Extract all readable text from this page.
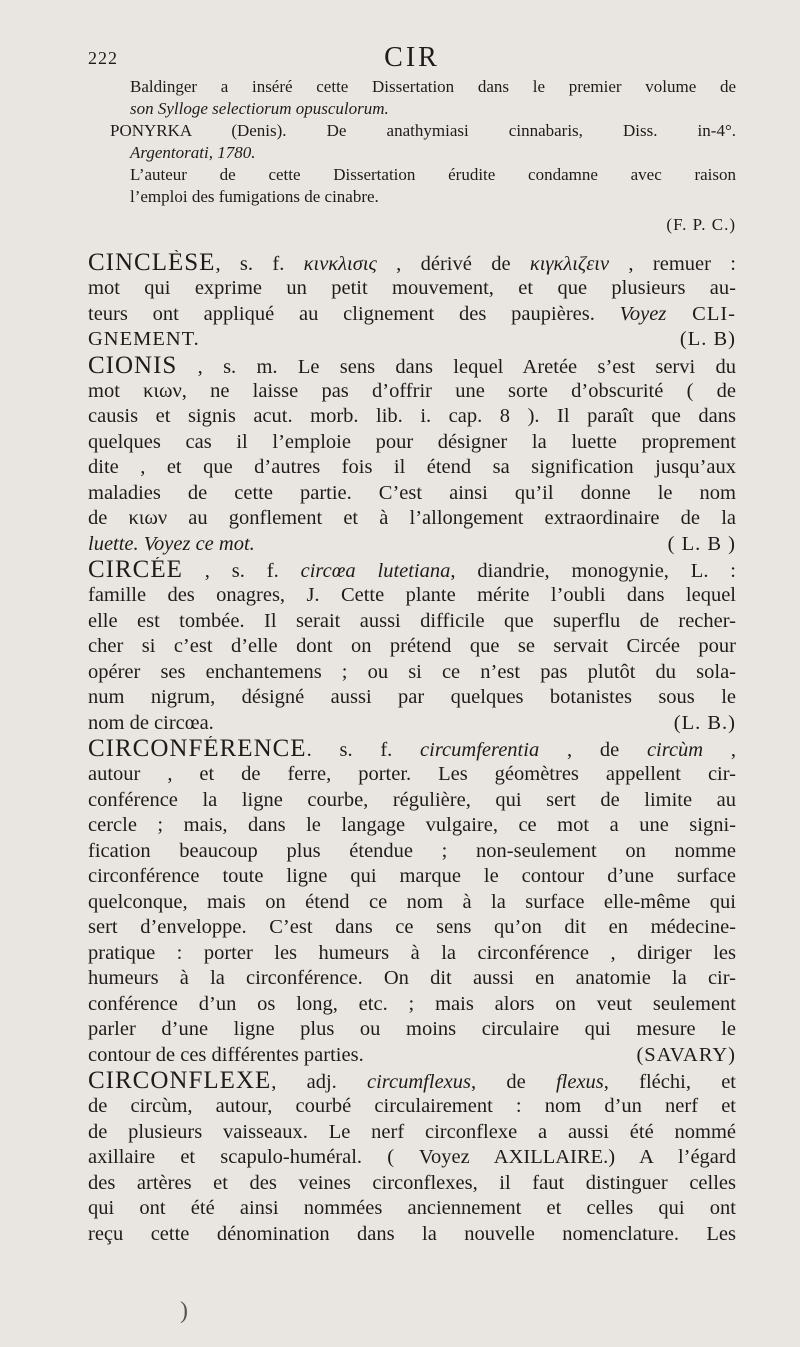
222	CIR
Baldinger a inséré cette Dissertation dans le premier volume de
son Sylloge selectiorum opusculorum.
PONYRKA (Denis). De anathymiasi cinnabaris, Diss. in-4°.
Argentorati, 1780.
L’auteur de cette Dissertation érudite condamne avec raison
l’emploi des fumigations de cinabre.
(F. P. C.)
CINCLÈSE, s. f. κινκλισις , dérivé de κιγκλιζειν , remuer :
mot qui exprime un petit mouvement, et que plusieurs au-
teurs ont appliqué au clignement des paupières. Voyez CLI-
GNEMENT.	(L. B)
CIONIS , s. m. Le sens dans lequel Aretée s’est servi du
mot κιων, ne laisse pas d’offrir une sorte d’obscurité ( de
causis et signis acut. morb. lib. i. cap. 8 ). Il paraît que dans
quelques cas il l’emploie pour désigner la luette proprement
dite , et que d’autres fois il étend sa signification jusqu’aux
maladies de cette partie. C’est ainsi qu’il donne le nom
de κιων au gonflement et à l’allongement extraordinaire de la
luette. Voyez ce mot.	( L. B )
CIRCÉE , s. f. circœa lutetiana, diandrie, monogynie, L. :
famille des onagres, J. Cette plante mérite l’oubli dans lequel
elle est tombée. Il serait aussi difficile que superflu de recher-
cher si c’est d’elle dont on prétend que se servait Circée pour
opérer ses enchantemens ; ou si ce n’est pas plutôt du sola-
num nigrum, désigné aussi par quelques botanistes sous le
nom de circœa.	(L. B.)
CIRCONFÉRENCE. s. f. circumferentia , de circùm ,
autour , et de ferre, porter. Les géomètres appellent cir-
conférence la ligne courbe, régulière, qui sert de limite au
cercle ; mais, dans le langage vulgaire, ce mot a une signi-
fication beaucoup plus étendue ; non-seulement on nomme
circonférence toute ligne qui marque le contour d’une surface
quelconque, mais on étend ce nom à la surface elle-même qui
sert d’enveloppe. C’est dans ce sens qu’on dit en médecine-
pratique : porter les humeurs à la circonférence , diriger les
humeurs à la circonférence. On dit aussi en anatomie la cir-
conférence d’un os long, etc. ; mais alors on veut seulement
parler d’une ligne plus ou moins circulaire qui mesure le
contour de ces différentes parties.	(SAVARY)
CIRCONFLEXE, adj. circumflexus, de flexus, fléchi, et
de circùm, autour, courbé circulairement : nom d’un nerf et
de plusieurs vaisseaux. Le nerf circonflexe a aussi été nommé
axillaire et scapulo-huméral. ( Voyez AXILLAIRE.) A l’égard
des artères et des veines circonflexes, il faut distinguer celles
qui ont été ainsi nommées anciennement et celles qui ont
reçu cette dénomination dans la nouvelle nomenclature. Les
)
